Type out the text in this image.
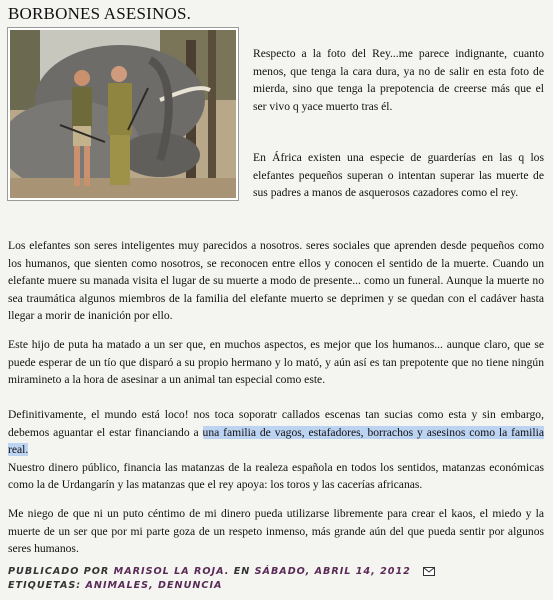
BORBONES ASESINOS.

Respecto a la foto del Rey...me parece indignante, cuanto menos, que tenga la cara dura, ya no de salir en esta foto de mierda, sino que tenga la prepotencia de creerse más que el ser vivo q yace muerto tras él.

En África existen una especie de guarderías en las q los elefantes pequeños superan o intentan superar las muerte de sus padres a manos de asquerosos cazadores como el rey.

Los elefantes son seres inteligentes muy parecidos a nosotros. seres sociales que aprenden desde pequeños como los humanos, que sienten como nosotros, se reconocen entre ellos y conocen el sentido de la muerte. Cuando un elefante muere su manada visita el lugar de su muerte a modo de presente... como un funeral. Aunque la muerte no sea traumática algunos miembros de la familia del elefante muerto se deprimen y se quedan con el cadáver hasta llegar a morir de inanición por ello.

Este hijo de puta ha matado a un ser que, en muchos aspectos, es mejor que los humanos... aunque claro, que se puede esperar de un tío que disparó a su propio hermano y lo mató, y aún así es tan prepotente que no tiene ningún miramineto a la hora de asesinar a un animal tan especial como este.

Definitivamente, el mundo está loco! nos toca soporatr callados escenas tan sucias como esta y sin embargo, debemos aguantar el estar financiando a una familia de vagos, estafadores, borrachos y asesinos como la familia real.
Nuestro dinero público, financia las matanzas de la realeza española en todos los sentidos, matanzas económicas como la de Urdangarín y las matanzas que el rey apoya: los toros y las cacerías africanas.

Me niego de que ni un puto céntimo de mi dinero pueda utilizarse libremente para crear el kaos, el miedo y la muerte de un ser que por mi parte goza de un respeto inmenso, más grande aún del que pueda sentir por algunos seres humanos.

PUBLICADO POR MARISOL LA ROJA. EN SÁBADO, ABRIL 14, 2012
ETIQUETAS: ANIMALES, DENUNCIA
